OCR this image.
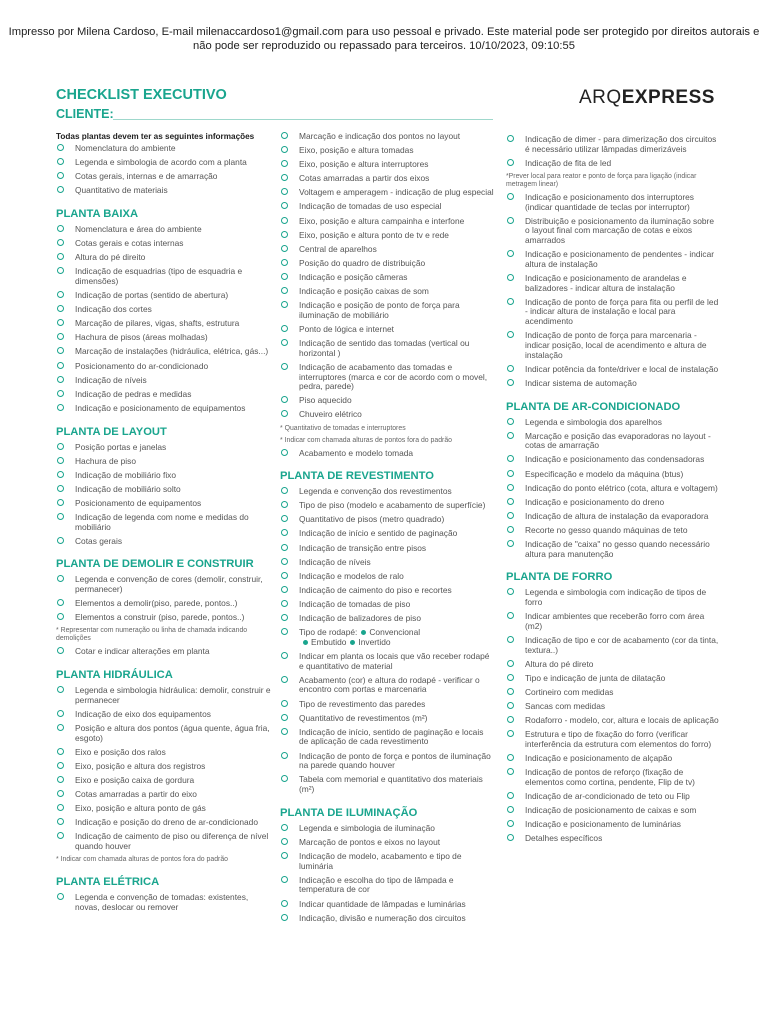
Impresso por Milena Cardoso, E-mail milenaccardoso1@gmail.com para uso pessoal e privado. Este material pode ser protegido por direitos autorais e não pode ser reproduzido ou repassado para terceiros. 10/10/2023, 09:10:55
CHECKLIST EXECUTIVO
CLIENTE:
ARQEXPRESS
Todas plantas devem ter as seguintes informações
Nomenclatura do ambiente
Legenda e simbologia de acordo com a planta
Cotas gerais, internas e de amarração
Quantitativo de materiais
PLANTA BAIXA
Nomenclatura e área do ambiente
Cotas gerais e cotas internas
Altura do pé direito
Indicação de esquadrias (tipo de esquadria e dimensões)
Indicação de portas (sentido de abertura)
Indicação dos cortes
Marcação de pilares, vigas, shafts, estrutura
Hachura de pisos (áreas molhadas)
Marcação de instalações (hidráulica, elétrica, gás...)
Posicionamento do ar-condicionado
Indicação de níveis
Indicação de pedras e medidas
Indicação e posicionamento de equipamentos
PLANTA DE LAYOUT
Posição portas e janelas
Hachura de piso
Indicação de mobiliário fixo
Indicação de mobiliário solto
Posicionamento de equipamentos
Indicação de legenda com nome e medidas do mobiliário
Cotas gerais
PLANTA DE DEMOLIR E CONSTRUIR
Legenda e convenção de cores (demolir, construir, permanecer)
Elementos a demolir(piso, parede, pontos..)
Elementos a construir (piso, parede, pontos..)
* Representar com numeração ou linha de chamada indicando demolições
Cotar e indicar alterações em planta
PLANTA HIDRÁULICA
Legenda e simbologia hidráulica: demolir, construir e permanecer
Indicação de eixo dos equipamentos
Posição e altura dos pontos (água quente, água fria, esgoto)
Eixo e posição dos ralos
Eixo, posição e altura dos registros
Eixo e posição caixa de gordura
Cotas amarradas a partir do eixo
Eixo, posição e altura ponto de gás
Indicação e posição do dreno de ar-condicionado
Indicação de caimento de piso ou diferença de nível quando houver
* Indicar com chamada alturas de pontos fora do padrão
PLANTA ELÉTRICA
Legenda e convenção de tomadas: existentes, novas, deslocar ou remover
Marcação e indicação dos pontos no layout
Eixo, posição e altura tomadas
Eixo, posição e altura interruptores
Cotas amarradas a partir dos eixos
Voltagem e amperagem - indicação de plug especial
Indicação de tomadas de uso especial
Eixo, posição e altura campainha e interfone
Eixo, posição e altura ponto de tv e rede
Central de aparelhos
Posição do quadro de distribuição
Indicação e posição câmeras
Indicação e posição caixas de som
Indicação e posição de ponto de força para iluminação de mobiliário
Ponto de lógica e internet
Indicação de sentido das tomadas (vertical ou horizontal )
Indicação de acabamento das tomadas e interruptores (marca e cor de acordo com o movel, pedra, parede)
Piso aquecido
Chuveiro elétrico
* Quantitativo de tomadas e interruptores
* Indicar com chamada alturas de pontos fora do padrão
Acabamento e modelo tomada
PLANTA DE REVESTIMENTO
Legenda e convenção dos revestimentos
Tipo de piso (modelo e acabamento de superfície)
Quantitativo de pisos (metro quadrado)
Indicação de início e sentido de paginação
Indicação de transição entre pisos
Indicação de níveis
Indicação e modelos de ralo
Indicação de caimento do piso e recortes
Indicação de tomadas de piso
Indicação de balizadores de piso
Tipo de rodapé: Convencional
Embutido Invertido
Indicar em planta os locais que vão receber rodapé e quantitativo de material
Acabamento (cor) e altura do rodapé - verificar o encontro com portas e marcenaria
Tipo de revestimento das paredes
Quantitativo de revestimentos (m²)
Indicação de início, sentido de paginação e locais de aplicação de cada revestimento
Indicação de ponto de força e pontos de iluminação na parede quando houver
Tabela com memorial e quantitativo dos materiais (m²)
PLANTA DE ILUMINAÇÃO
Legenda e simbologia de iluminação
Marcação de pontos e eixos no layout
Indicação de modelo, acabamento e tipo de luminária
Indicação e escolha do tipo de lâmpada e temperatura de cor
Indicar quantidade de lâmpadas e luminárias
Indicação, divisão e numeração dos circuitos
Indicação de dimer - para dimerização dos circuitos é necessário utilizar lâmpadas dimerizáveis
Indicação de fita de led
*Prever local para reator e ponto de força para ligação (indicar metragem linear)
Indicação e posicionamento dos interruptores (indicar quantidade de teclas por interruptor)
Distribuição e posicionamento da iluminação sobre o layout final com marcação de cotas e eixos amarrados
Indicação e posicionamento de pendentes - indicar altura de instalação
Indicação e posicionamento de arandelas e balizadores - indicar altura de instalação
Indicação de ponto de força para fita ou perfil de led - indicar altura de instalação e local para acendimento
Indicação de ponto de força para marcenaria - indicar posição, local de acendimento e altura de instalação
Indicar potência da fonte/driver e local de instalação
Indicar sistema de automação
PLANTA DE AR-CONDICIONADO
Legenda e simbologia dos aparelhos
Marcação e posição das evaporadoras no layout - cotas de amarração
Indicação e posicionamento das condensadoras
Especificação e modelo da máquina (btus)
Indicação do ponto elétrico (cota, altura e voltagem)
Indicação e posicionamento do dreno
Indicação de altura de instalação da evaporadora
Recorte no gesso quando máquinas de teto
Indicação de "caixa" no gesso quando necessário altura para manutenção
PLANTA DE FORRO
Legenda e simbologia com indicação de tipos de forro
Indicar ambientes que receberão forro com área (m2)
Indicação de tipo e cor de acabamento (cor da tinta, textura..)
Altura do pé direto
Tipo e indicação de junta de dilatação
Cortineiro com medidas
Sancas com medidas
Rodaforro - modelo, cor, altura e locais de aplicação
Estrutura e tipo de fixação do forro (verificar interferência da estrutura com elementos do forro)
Indicação e posicionamento de alçapão
Indicação de pontos de reforço (fixação de elementos como cortina, pendente, Flip de tv)
Indicação de ar-condicionado de teto ou Flip
Indicação de posicionamento de caixas e som
Indicação e posicionamento de luminárias
Detalhes específicos
